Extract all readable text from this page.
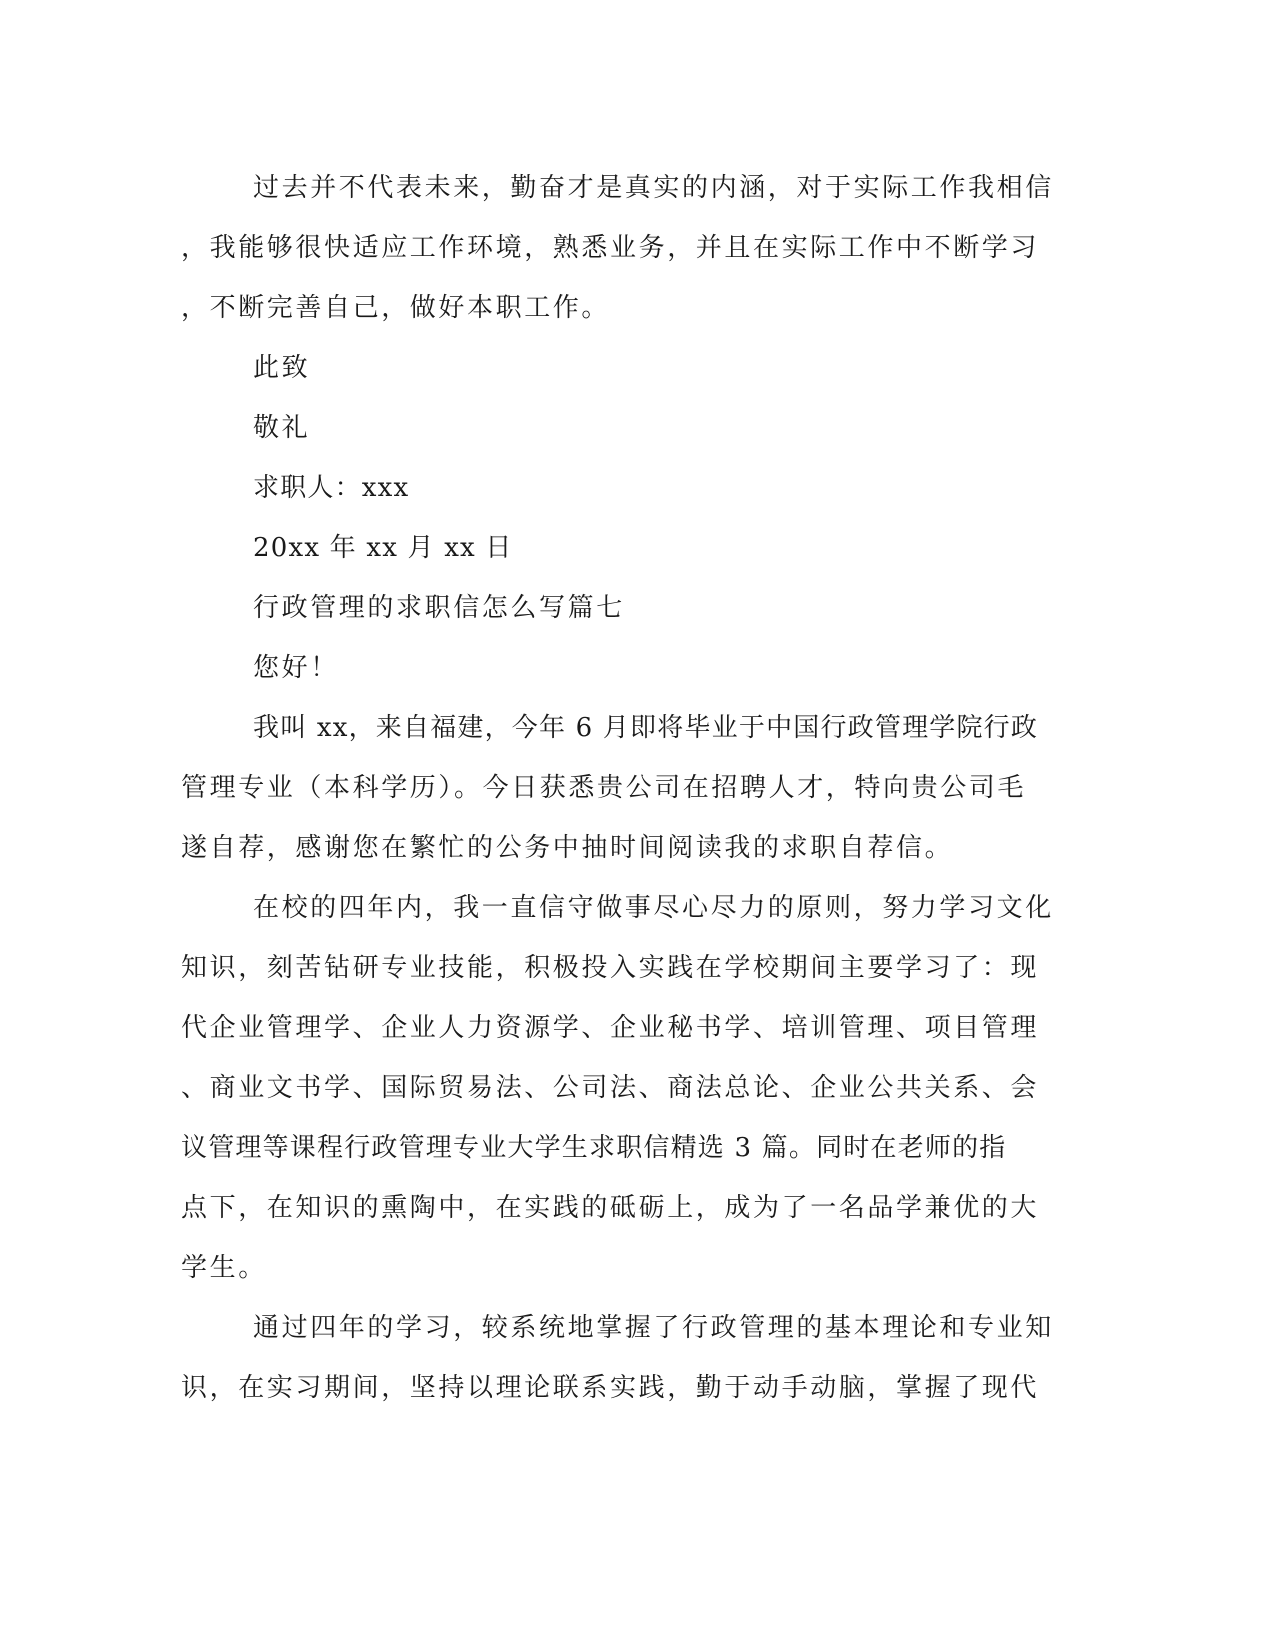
过去并不代表未来，勤奋才是真实的内涵，对于实际工作我相信
，我能够很快适应工作环境，熟悉业务，并且在实际工作中不断学习
，不断完善自己，做好本职工作。
此致
敬礼
求职人：xxx
20xx 年 xx 月 xx 日
行政管理的求职信怎么写篇七
您好！
我叫 xx，来自福建，今年 6 月即将毕业于中国行政管理学院行政
管理专业（本科学历）。今日获悉贵公司在招聘人才，特向贵公司毛
遂自荐，感谢您在繁忙的公务中抽时间阅读我的求职自荐信。
在校的四年内，我一直信守做事尽心尽力的原则，努力学习文化
知识，刻苦钻研专业技能，积极投入实践在学校期间主要学习了：现
代企业管理学、企业人力资源学、企业秘书学、培训管理、项目管理
、商业文书学、国际贸易法、公司法、商法总论、企业公共关系、会
议管理等课程行政管理专业大学生求职信精选 3 篇。同时在老师的指
点下，在知识的熏陶中，在实践的砥砺上，成为了一名品学兼优的大
学生。
通过四年的学习，较系统地掌握了行政管理的基本理论和专业知
识，在实习期间，坚持以理论联系实践，勤于动手动脑，掌握了现代
